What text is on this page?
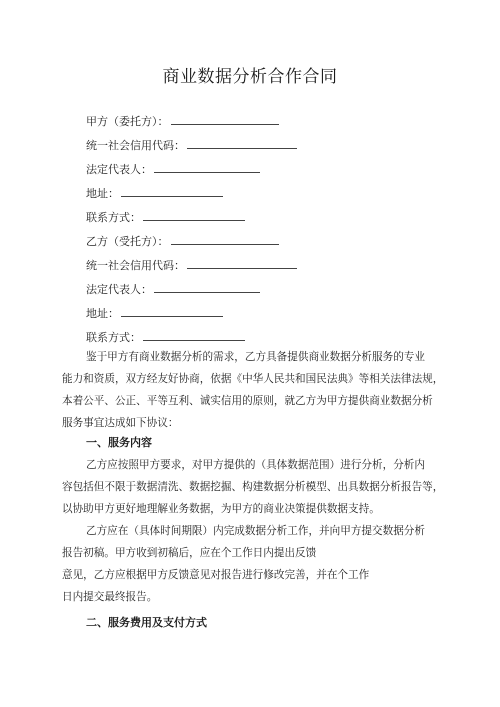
商业数据分析合作合同
甲方（委托方）：
统一社会信用代码：
法定代表人：
地址：
联系方式：
乙方（受托方）：
统一社会信用代码：
法定代表人：
地址：
联系方式：
鉴于甲方有商业数据分析的需求，乙方具备提供商业数据分析服务的专业
能力和资质，双方经友好协商，依据《中华人民共和国民法典》等相关法律法规，
本着公平、公正、平等互利、诚实信用的原则，就乙方为甲方提供商业数据分析
服务事宜达成如下协议：
一、服务内容
乙方应按照甲方要求，对甲方提供的（具体数据范围）进行分析，分析内
容包括但不限于数据清洗、数据挖掘、构建数据分析模型、出具数据分析报告等，
以协助甲方更好地理解业务数据，为甲方的商业决策提供数据支持。
乙方应在（具体时间期限）内完成数据分析工作，并向甲方提交数据分析
报告初稿。甲方收到初稿后，应在个工作日内提出反馈
意见，乙方应根据甲方反馈意见对报告进行修改完善，并在个工作
日内提交最终报告。
二、服务费用及支付方式
